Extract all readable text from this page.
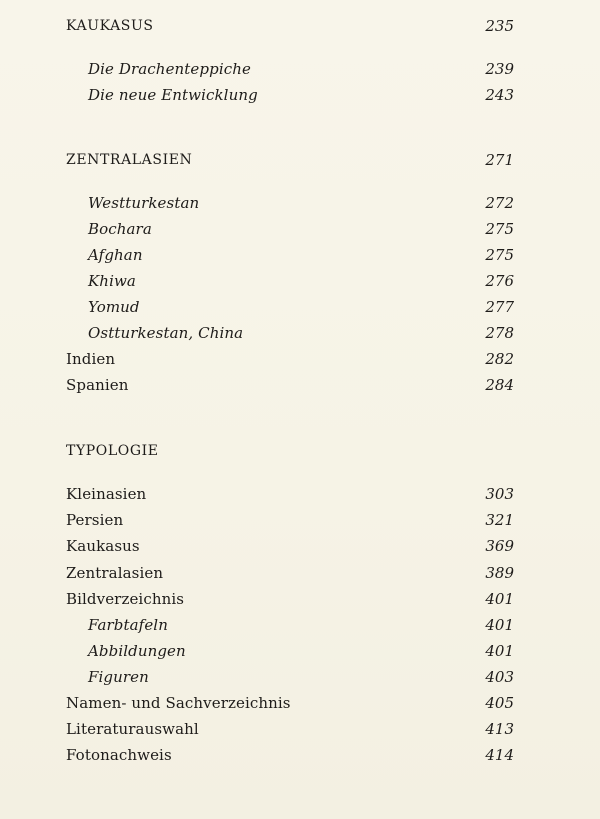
KAUKASUS	235
Die Drachenteppiche	239
Die neue Entwicklung	243
ZENTRALASIEN	271
Westturkestan	272
Bochara	275
Afghan	275
Khiwa	276
Yomud	277
Ostturkestan, China	278
Indien	282
Spanien	284
TYPOLOGIE
Kleinasien	303
Persien	321
Kaukasus	369
Zentralasien	389
Bildverzeichnis	401
Farbtafeln	401
Abbildungen	401
Figuren	403
Namen- und Sachverzeichnis	405
Literaturauswahl	413
Fotonachweis	414
